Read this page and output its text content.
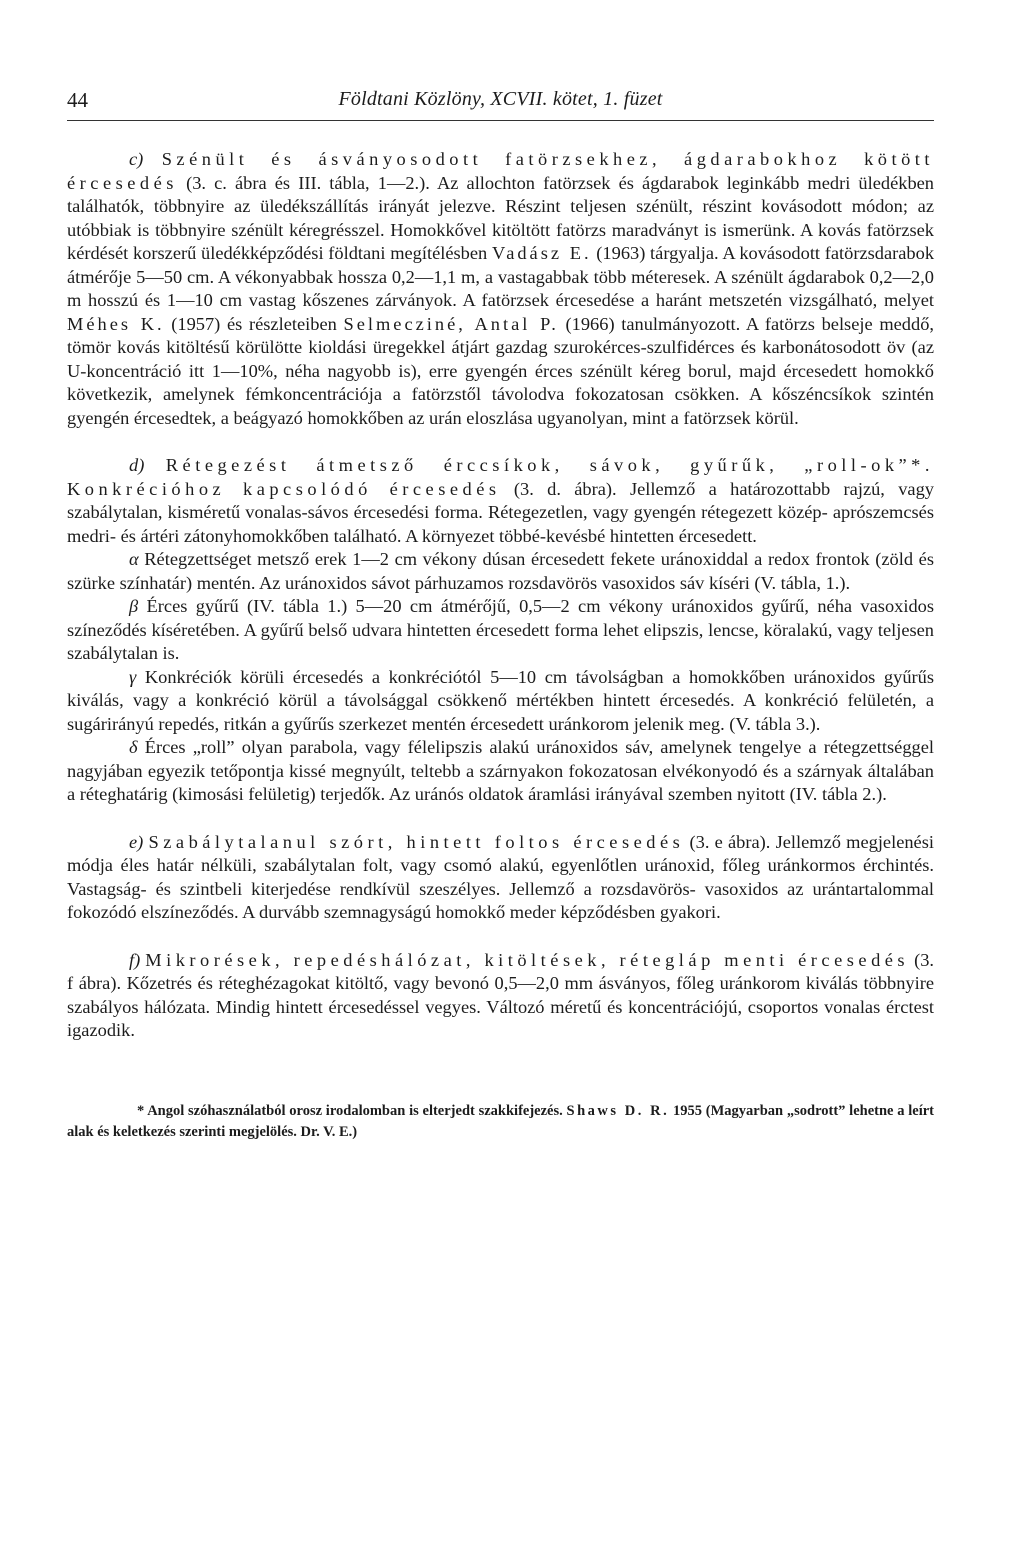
44	Földtani Közlöny, XCVII. kötet, 1. füzet

c) Szénült és ásványosodott fatörzsekhez, ágdarabokhoz kötött ércesedés (3. c. ábra és III. tábla, 1—2.). Az allochton fatörzsek és ágdarabok leginkább medri üledékben találhatók, többnyire az üledékszállítás irányát jelezve. Részint teljesen szénült, részint kovásodott módon; az utóbbiak is többnyire szénült kéregrésszel. Homokkővel kitöltött fatörzs maradványt is ismerünk. A kovás fatörzsek kérdését korszerű üledékképződési földtani megítélésben Vadász E. (1963) tárgyalja. A kovásodott fatörzsdarabok átmérője 5—50 cm. A vékonyabbak hossza 0,2—1,1 m, a vastagabbak több méteresek. A szénült ágdarabok 0,2—2,0 m hosszú és 1—10 cm vastag kőszenes zárványok. A fatörzsek ércesedése a haránt metszetén vizsgálható, melyet Méhes K. (1957) és részleteiben Selmecziné, Antal P. (1966) tanulmányozott. A fatörzs belseje meddő, tömör kovás kitöltésű körülötte kioldási üregekkel átjárt gazdag szurokérces-szulfidérces és karbonátosodott öv (az U-koncentráció itt 1—10%, néha nagyobb is), erre gyengén érces szénült kéreg borul, majd ércesedett homokkő következik, amelynek fémkoncentrációja a fatörzstől távolodva fokozatosan csökken. A kőszéncsíkok szintén gyengén ércesedtek, a beágyazó homokkőben az urán eloszlása ugyanolyan, mint a fatörzsek körül.

d) Rétegezést átmetsző érccsíkok, sávok, gyűrűk, „roll-ok”*. Konkrécióhoz kapcsolódó ércesedés (3. d. ábra). Jellemző a határozottabb rajzú, vagy szabálytalan, kisméretű vonalas-sávos ércesedési forma. Rétegezetlen, vagy gyengén rétegezett közép- aprószemcsés medri- és ártéri zátonyhomokkőben található. A környezet többé-kevésbé hintetten ércesedett.

α Rétegzettséget metsző erek 1—2 cm vékony dúsan ércesedett fekete uránoxiddal a redox frontok (zöld és szürke színhatár) mentén. Az uránoxidos sávot párhuzamos rozsdavörös vasoxidos sáv kíséri (V. tábla, 1.).

β Érces gyűrű (IV. tábla 1.) 5—20 cm átmérőjű, 0,5—2 cm vékony uránoxidos gyűrű, néha vasoxidos színeződés kíséretében. A gyűrű belső udvara hintetten ércesedett forma lehet elipszis, lencse, köralakú, vagy teljesen szabálytalan is.

γ Konkréciók körüli ércesedés a konkréciótól 5—10 cm távolságban a homokkőben uránoxidos gyűrűs kiválás, vagy a konkréció körül a távolsággal csökkenő mértékben hintett ércesedés. A konkréció felületén, a sugárirányú repedés, ritkán a gyűrűs szerkezet mentén ércesedett uránkorom jelenik meg. (V. tábla 3.).

δ Érces „roll” olyan parabola, vagy félelipszis alakú uránoxidos sáv, amelynek tengelye a rétegzettséggel nagyjában egyezik tetőpontja kissé megnyúlt, teltebb a szárnyakon fokozatosan elvékonyodó és a szárnyak általában a réteghatárig (kimosási felületig) terjedők. Az uránós oldatok áramlási irányával szemben nyitott (IV. tábla 2.).

e) Szabálytalanul szórt, hintett foltos ércesedés (3. e ábra). Jellemző megjelenési módja éles határ nélküli, szabálytalan folt, vagy csomó alakú, egyenlőtlen uránoxid, főleg uránkormos érchintés. Vastagság- és szintbeli kiterjedése rendkívül szeszélyes. Jellemző a rozsdavörös- vasoxidos az urántartalommal fokozódó elszíneződés. A durvább szemnagyságú homokkő meder képződésben gyakori.

f) Mikrorések, repedéshálózat, kitöltések, rétegláp menti ércesedés (3. f ábra). Kőzetrés és réteghézagokat kitöltő, vagy bevonó 0,5—2,0 mm ásványos, főleg uránkorom kiválás többnyire szabályos hálózata. Mindig hintett ércesedéssel vegyes. Változó méretű és koncentrációjú, csoportos vonalas érctest igazodik.

* Angol szóhasználatból orosz irodalomban is elterjedt szakkifejezés. Shaws D. R. 1955 (Magyarban „sodrott” lehetne a leírt alak és keletkezés szerinti megjelölés. Dr. V. E.)
